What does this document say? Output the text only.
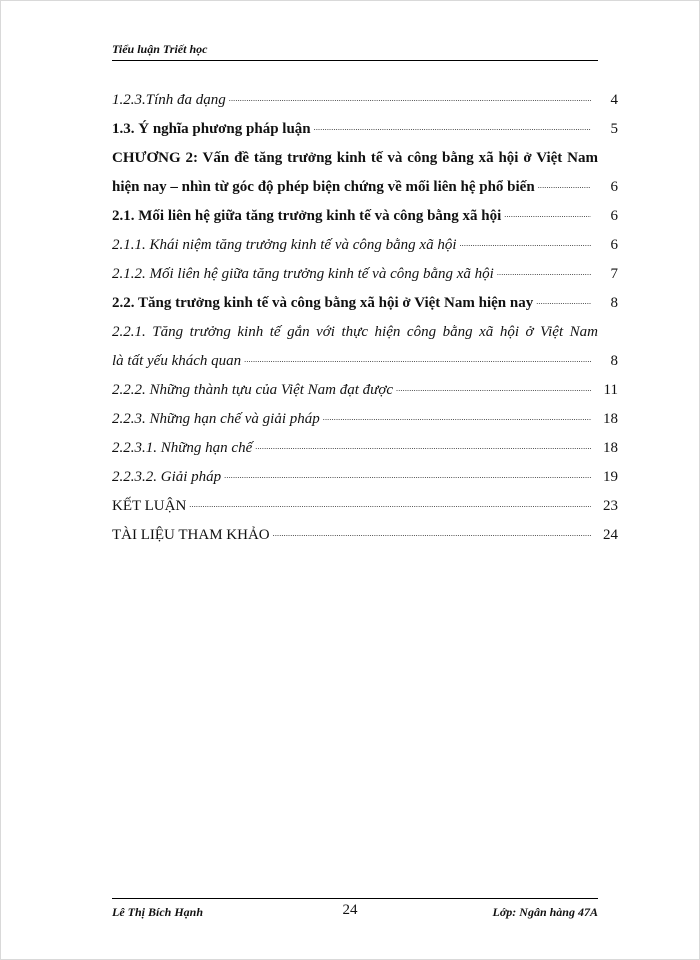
Tiểu luận Triết học
1.2.3.Tính đa dạng .....	4
1.3. Ý nghĩa phương pháp luận .....	5
CHƯƠNG 2: Vấn đề tăng trưởng kinh tế và công bằng xã hội ở Việt Nam
hiện nay – nhìn từ góc độ phép biện chứng về mối liên hệ phổ biến .....	6
2.1. Mối liên hệ giữa tăng trưởng kinh tế và công bằng xã hội .....	6
2.1.1. Khái niệm tăng trưởng kinh tế và công bằng xã hội .....	6
2.1.2. Mối liên hệ giữa tăng trưởng kinh tế và công bằng xã hội .....	7
2.2. Tăng trưởng kinh tế và công bằng xã hội ở Việt Nam hiện nay .....	8
2.2.1. Tăng trưởng kinh tế gắn với thực hiện công bằng xã hội ở Việt Nam
là tất yếu khách quan .....	8
2.2.2. Những thành tựu của Việt Nam đạt được .....	11
2.2.3. Những hạn chế và giải pháp .....	18
2.2.3.1. Những hạn chế .....	18
2.2.3.2. Giải pháp .....	19
KẾT LUẬN .....	23
TÀI LIỆU THAM KHẢO .....	24
Lê Thị Bích Hạnh	24	Lớp: Ngân hàng 47A
